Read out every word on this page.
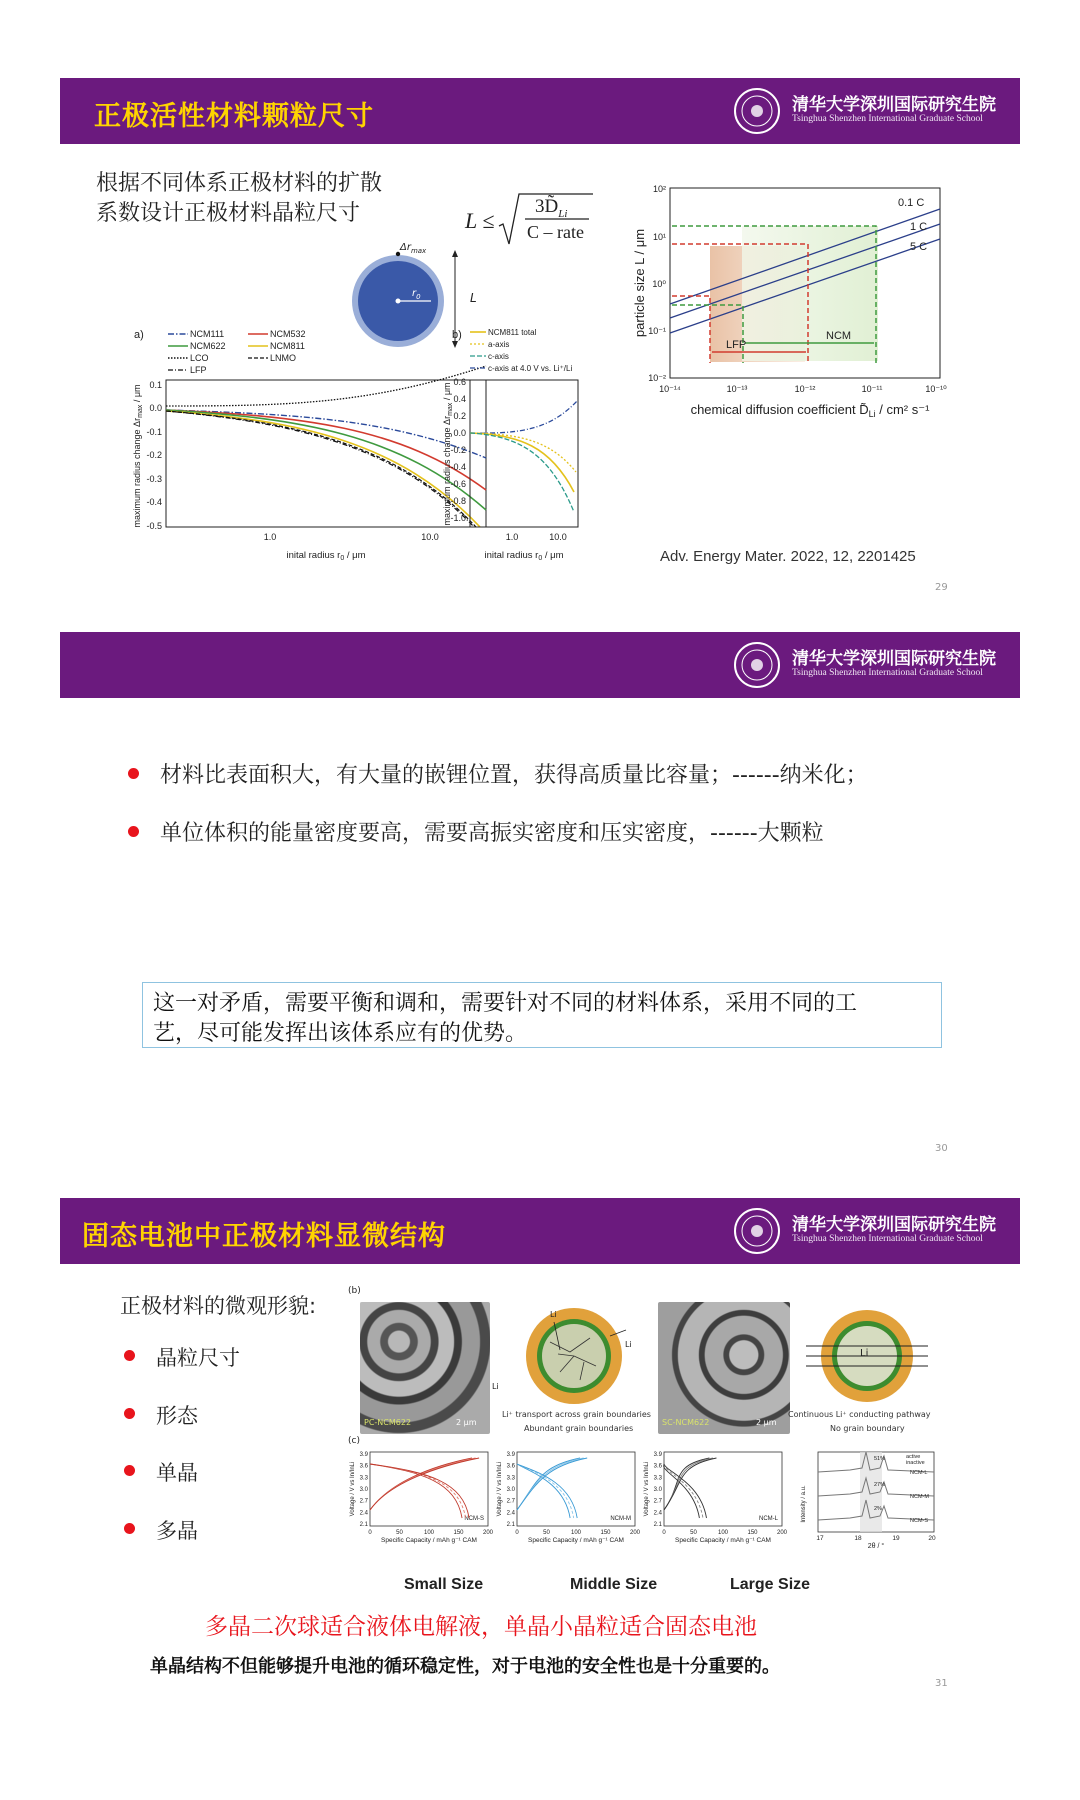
正极活性材料颗粒尺寸	清华大学深圳国际研究生院
Tsinghua Shenzhen International Graduate School
根据不同体系正极材料的扩散
系数设计正极材料晶粒尺寸	L ≤
$3D̃_{Li}$
C – rate
$\Delta r_{max}$
$r_0$	L
a)	NCM111	NCM532
NCM622	NCM811
LCO	LNMO
LFP
0.1
0.0
-0.1
-0.2
-0.3
-0.4
-0.5
1.0	10.0
inital radius $r_0$ / μm
maximum radius change $\Delta r_{max}$ / μm
b)	NCM811 total
a-axis
c-axis
c-axis at 4.0 V vs. Li⁺/Li
0.6
0.4
0.2
0.0
-0.2
-0.4
-0.6
-0.8
-1.0
1.0	10.0
inital radius $r_0$ / μm
maximum radius change $\Delta r_{max}$ / μm
LFP
NCM
0.1 C
1 C
5 C
10²
10¹
10⁰
10⁻¹
10⁻²
10⁻¹⁴	10⁻¹³	10⁻¹²	10⁻¹¹	10⁻¹⁰
chemical diffusion coefficient $D̃_{Li} / cm^2$ s⁻¹
particle size L / μm
Adv. Energy Mater. 2022, 12, 2201425
29
清华大学深圳国际研究生院
Tsinghua Shenzhen International Graduate School
材料比表面积大，有大量的嵌锂位置，获得高质量比容量；------纳米化；
单位体积的能量密度要高，需要高振实密度和压实密度，------大颗粒
这一对矛盾，需要平衡和调和，需要针对不同的材料体系，采用不同的工
艺，尽可能发挥出该体系应有的优势。
30
固态电池中正极材料显微结构	清华大学深圳国际研究生院
Tsinghua Shenzhen International Graduate School
正极材料的微观形貌:
(b)
晶粒尺寸
形态
单晶
多晶
PC-NCM622	2 μm
Li
Li
Li
Li⁺ transport across grain boundaries
Abundant grain boundaries
SC-NCM622	2 μm
Li
Continuous Li⁺ conducting pathway
No grain boundary
(c)
3.9
3.6
3.3
3.0
2.7
2.4
2.1
0	50	100	150	200
Specific Capacity / mAh g⁻¹ CAM
Voltage / V vs In/InLi
NCM-S
3.9
3.6
3.3
3.0
2.7
2.4
2.1
0	50	100	150	200
Specific Capacity / mAh g⁻¹ CAM
Voltage / V vs In/InLi
NCM-M
3.9
3.6
3.3
3.0
2.7
2.4
2.1
0	50	100	150	200
Specific Capacity / mAh g⁻¹ CAM
Voltage / V vs In/InLi
NCM-L	Intensity / a.u.
17	18	19	20
2θ / °
active
inactive
51%
27%
2%
NCM-L
NCM-M
NCM-S
Small Size	Middle Size	Large Size
多晶二次球适合液体电解液，单晶小晶粒适合固态电池
单晶结构不但能够提升电池的循环稳定性，对于电池的安全性也是十分重要的。
31
